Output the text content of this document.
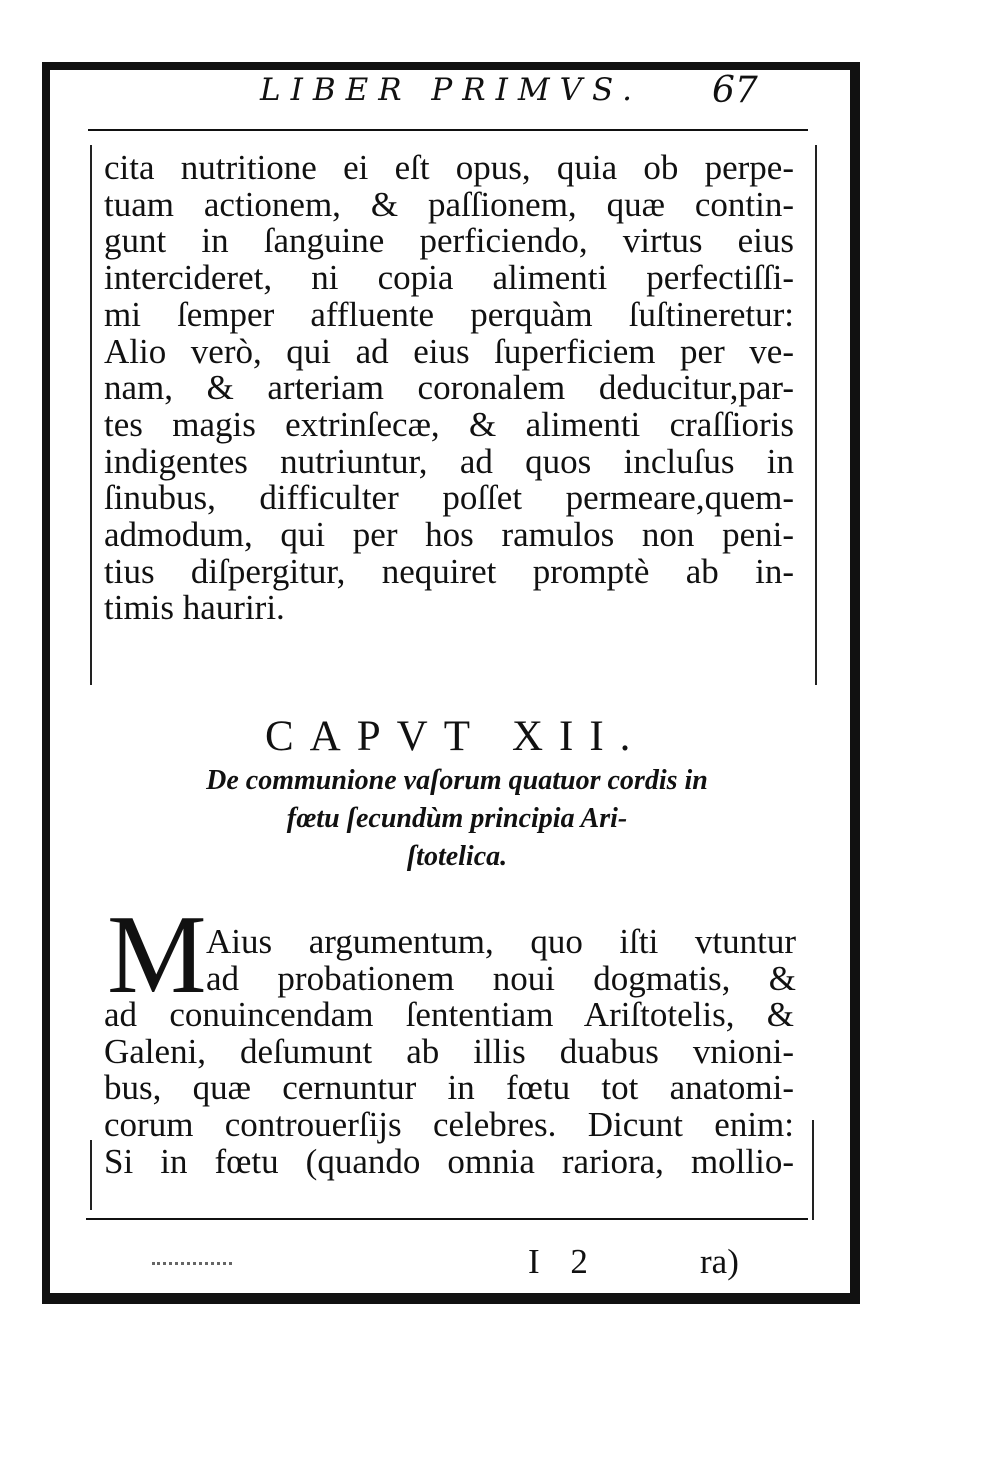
LIBER PRIMVS. 67
cita nutritione ei eſt opus, quia ob perpe-
tuam actionem, & paſſionem, quæ contin-
gunt in ſanguine perficiendo, virtus eius
intercideret, ni copia alimenti perfectiſſi-
mi ſemper affluente perquàm ſuſtineretur:
Alio verò, qui ad eius ſuperficiem per ve-
nam, & arteriam coronalem deducitur,par-
tes magis extrinſecæ, & alimenti craſſioris
indigentes nutriuntur, ad quos incluſus in
ſinubus, difficulter poſſet permeare,quem-
admodum, qui per hos ramulos non peni-
tius diſpergitur, nequiret promptè ab in-
timis hauriri.
CAPVT XII.
De communione vaſorum quatuor cordis in
fœtu ſecundùm principia Ari-
ſtotelica.
M Aius argumentum, quo iſti vtuntur
ad probationem noui dogmatis, &
ad conuincendam ſententiam Ariſtotelis, &
Galeni, deſumunt ab illis duabus vnioni-
bus, quæ cernuntur in fœtu tot anatomi-
corum controuerſijs celebres. Dicunt enim:
Si in fœtu (quando omnia rariora, mollio-
I 2	ra)
